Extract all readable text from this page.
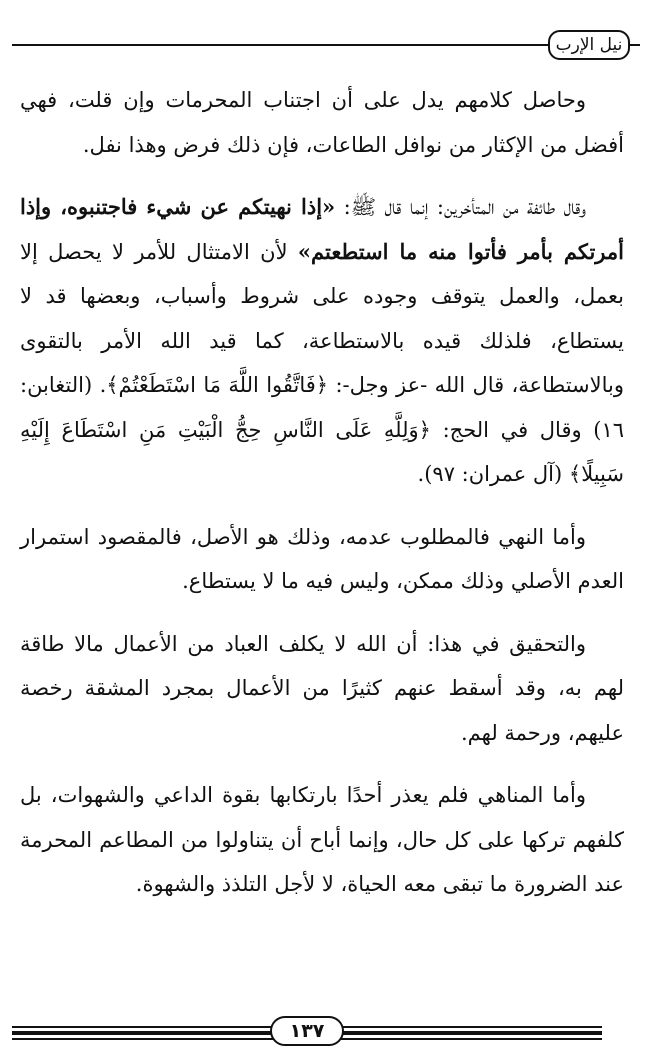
نيل الإرب

وحاصل كلامهم يدل على أن اجتناب المحرمات وإن قلت، فهي أفضل من الإكثار من نوافل الطاعات، فإن ذلك فرض وهذا نفل.

وقال طائفة من المتأخرين: إنما قال ﷺ: «إذا نهيتكم عن شيء فاجتنبوه، وإذا أمرتكم بأمر فأتوا منه ما استطعتم» لأن الامتثال للأمر لا يحصل إلا بعمل، والعمل يتوقف وجوده على شروط وأسباب، وبعضها قد لا يستطاع، فلذلك قيده بالاستطاعة، كما قيد الله الأمر بالتقوى وبالاستطاعة، قال الله -عز وجل-: ﴿فَاتَّقُوا اللَّهَ مَا اسْتَطَعْتُمْ﴾. (التغابن: ١٦) وقال في الحج: ﴿وَلِلَّهِ عَلَى النَّاسِ حِجُّ الْبَيْتِ مَنِ اسْتَطَاعَ إِلَيْهِ سَبِيلًا﴾ (آل عمران: ٩٧).

وأما النهي فالمطلوب عدمه، وذلك هو الأصل، فالمقصود استمرار العدم الأصلي وذلك ممكن، وليس فيه ما لا يستطاع.

والتحقيق في هذا: أن الله لا يكلف العباد من الأعمال مالا طاقة لهم به، وقد أسقط عنهم كثيرًا من الأعمال بمجرد المشقة رخصة عليهم، ورحمة لهم.

وأما المناهي فلم يعذر أحدًا بارتكابها بقوة الداعي والشهوات، بل كلفهم تركها على كل حال، وإنما أباح أن يتناولوا من المطاعم المحرمة عند الضرورة ما تبقى معه الحياة، لا لأجل التلذذ والشهوة.

١٣٧
